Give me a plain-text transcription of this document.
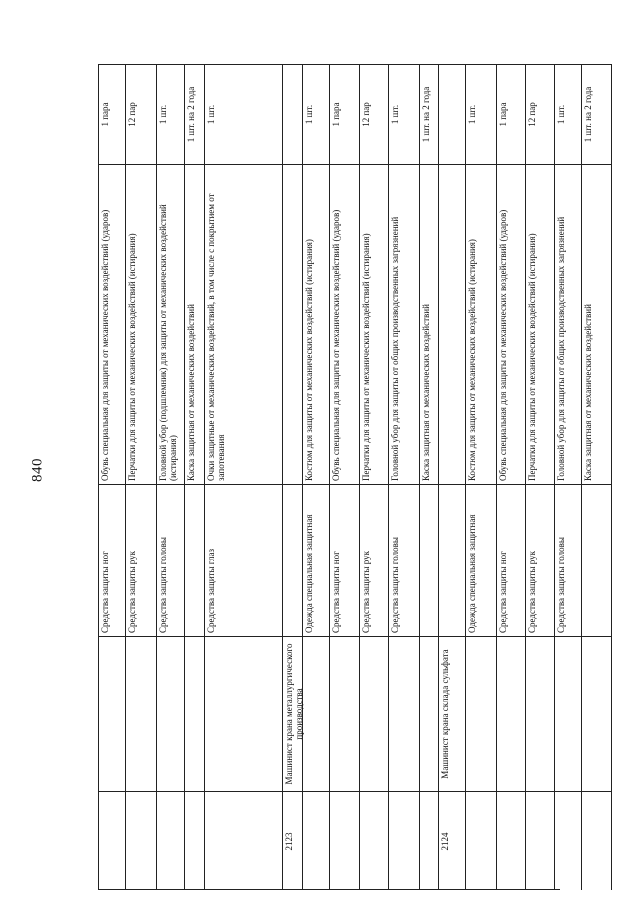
840
Средства защиты ног
Обувь специальная для защиты от механических воздействий (ударов)
1 пара
Средства защиты рук
Перчатки для защиты от механических воздействий (истирания)
12 пар
Средства защиты головы
Головной убор (подшлемник) для защиты от механических воздействий (истирания)
1 шт.
Каска защитная от механических воздействий
1 шт. на 2 года
Средства защиты глаз
Очки защитные от механических воздействий, в том числе с покрытием от запотевания
1 шт.
2123
Машинист крана металлургического производства
Одежда специальная защитная
Костюм для защиты от механических воздействий (истирания)
1 шт.
Средства защиты ног
Обувь специальная для защиты от механических воздействий (ударов)
1 пара
Средства защиты рук
Перчатки для защиты от механических воздействий (истирания)
12 пар
Средства защиты головы
Головной убор для защиты от общих производственных загрязнений
1 шт.
Каска защитная от механических воздействий
1 шт. на 2 года
2124
Машинист крана склада сульфата
Одежда специальная защитная
Костюм для защиты от механических воздействий (истирания)
1 шт.
Средства защиты ног
Обувь специальная для защиты от механических воздействий (ударов)
1 пара
Средства защиты рук
Перчатки для защиты от механических воздействий (истирания)
12 пар
Средства защиты головы
Головной убор для защиты от общих производственных загрязнений
1 шт.
Каска защитная от механических воздействий
1 шт. на 2 года
